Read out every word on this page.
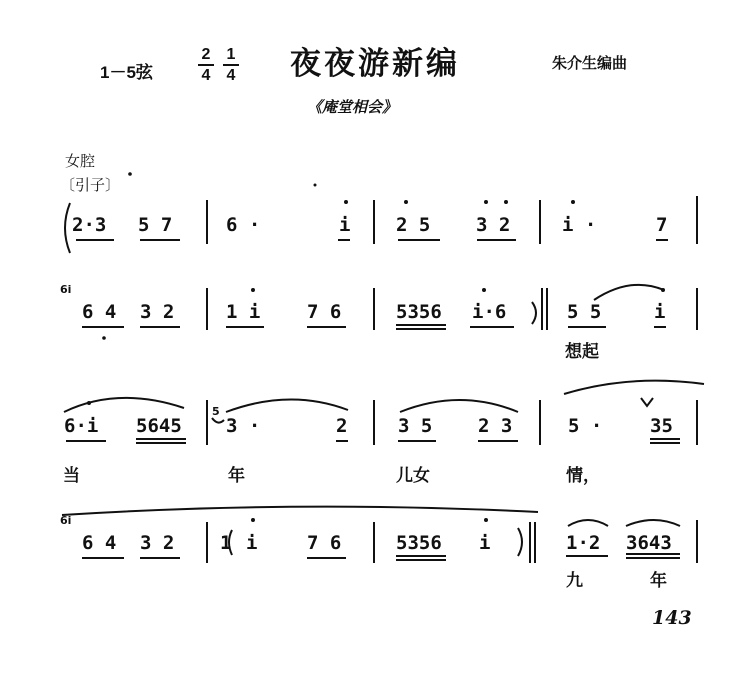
1－5弦
2
4
1
4 夜夜游新编	朱介生编曲
《庵堂相会》
女腔
〔引子〕
6i
5
6i
2·3 5 7	6 ·	i 2 5 3 2	i ·	7
6 4 3 2	1 i 7 6	5356 i·6	5 5	i
想起
6·i 5645 3 ·	2	3 5 2 3	5 ·	35
当	年	儿女	情，
6 4 3 2 1 i	7 6	5356 i	1·2 3643
九	年
143
